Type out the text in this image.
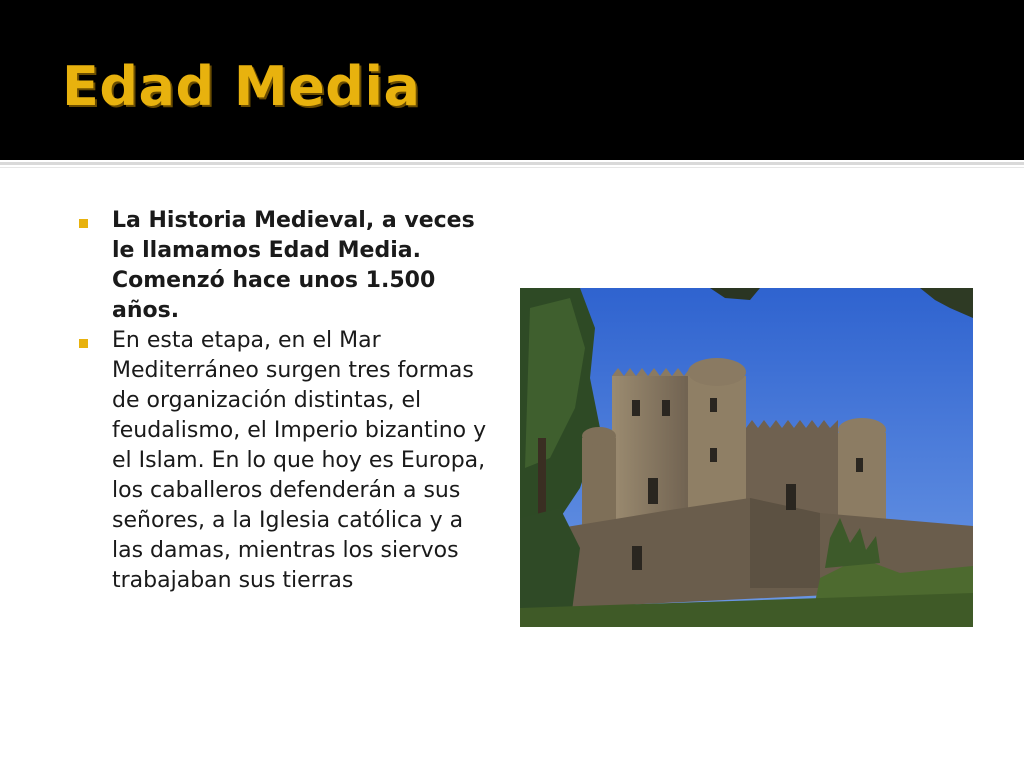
Edad Media

La Historia Medieval, a veces le llamamos Edad Media. Comenzó hace unos 1.500 años.

En esta etapa, en el Mar Mediterráneo surgen tres formas de organización distintas, el feudalismo, el Imperio bizantino y el Islam. En lo que hoy es Europa, los caballeros defenderán a sus señores, a la Iglesia católica y a las damas, mientras los siervos trabajaban sus tierras
